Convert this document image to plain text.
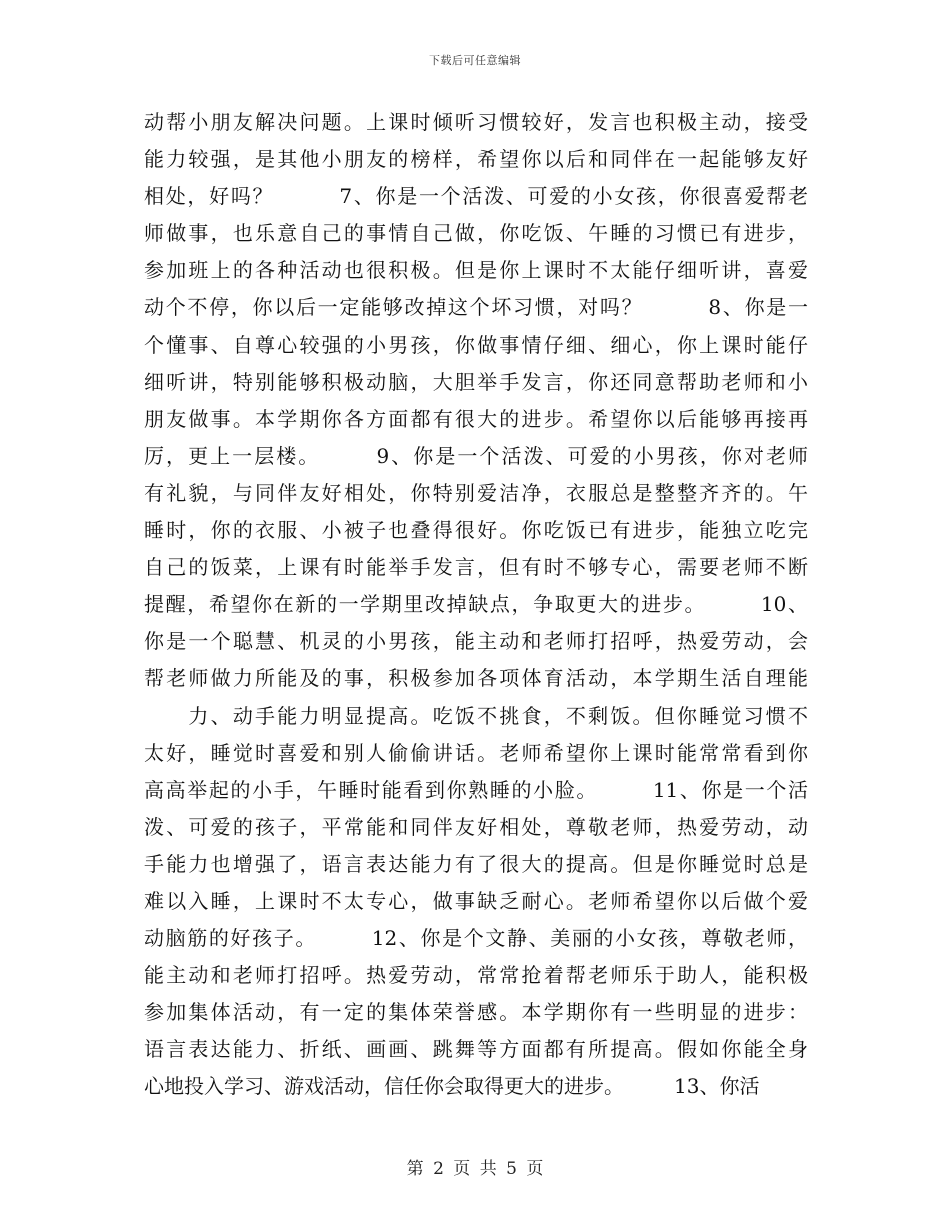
下载后可任意编辑
动帮小朋友解决问题。上课时倾听习惯较好，发言也积极主动，接受
能力较强，是其他小朋友的榜样，希望你以后和同伴在一起能够友好
相处，好吗？　　　7、你是一个活泼、可爱的小女孩，你很喜爱帮老
师做事，也乐意自己的事情自己做，你吃饭、午睡的习惯已有进步，
参加班上的各种活动也很积极。但是你上课时不太能仔细听讲，喜爱
动个不停，你以后一定能够改掉这个坏习惯，对吗？　　　8、你是一
个懂事、自尊心较强的小男孩，你做事情仔细、细心，你上课时能仔
细听讲，特别能够积极动脑，大胆举手发言，你还同意帮助老师和小
朋友做事。本学期你各方面都有很大的进步。希望你以后能够再接再
厉，更上一层楼。　　　9、你是一个活泼、可爱的小男孩，你对老师
有礼貌，与同伴友好相处，你特别爱洁净，衣服总是整整齐齐的。午
睡时，你的衣服、小被子也叠得很好。你吃饭已有进步，能独立吃完
自己的饭菜，上课有时能举手发言，但有时不够专心，需要老师不断
提醒，希望你在新的一学期里改掉缺点，争取更大的进步。　　　10、
你是一个聪慧、机灵的小男孩，能主动和老师打招呼，热爱劳动，会
帮老师做力所能及的事，积极参加各项体育活动，本学期生活自理能
　　力、动手能力明显提高。吃饭不挑食，不剩饭。但你睡觉习惯不
太好，睡觉时喜爱和别人偷偷讲话。老师希望你上课时能常常看到你
高高举起的小手，午睡时能看到你熟睡的小脸。　　　11、你是一个活
泼、可爱的孩子，平常能和同伴友好相处，尊敬老师，热爱劳动，动
手能力也增强了，语言表达能力有了很大的提高。但是你睡觉时总是
难以入睡，上课时不太专心，做事缺乏耐心。老师希望你以后做个爱
动脑筋的好孩子。　　　12、你是个文静、美丽的小女孩，尊敬老师，
能主动和老师打招呼。热爱劳动，常常抢着帮老师乐于助人，能积极
参加集体活动，有一定的集体荣誉感。本学期你有一些明显的进步：
语言表达能力、折纸、画画、跳舞等方面都有所提高。假如你能全身
心地投入学习、游戏活动，信任你会取得更大的进步。　　　13、你活
第 2 页 共 5 页
